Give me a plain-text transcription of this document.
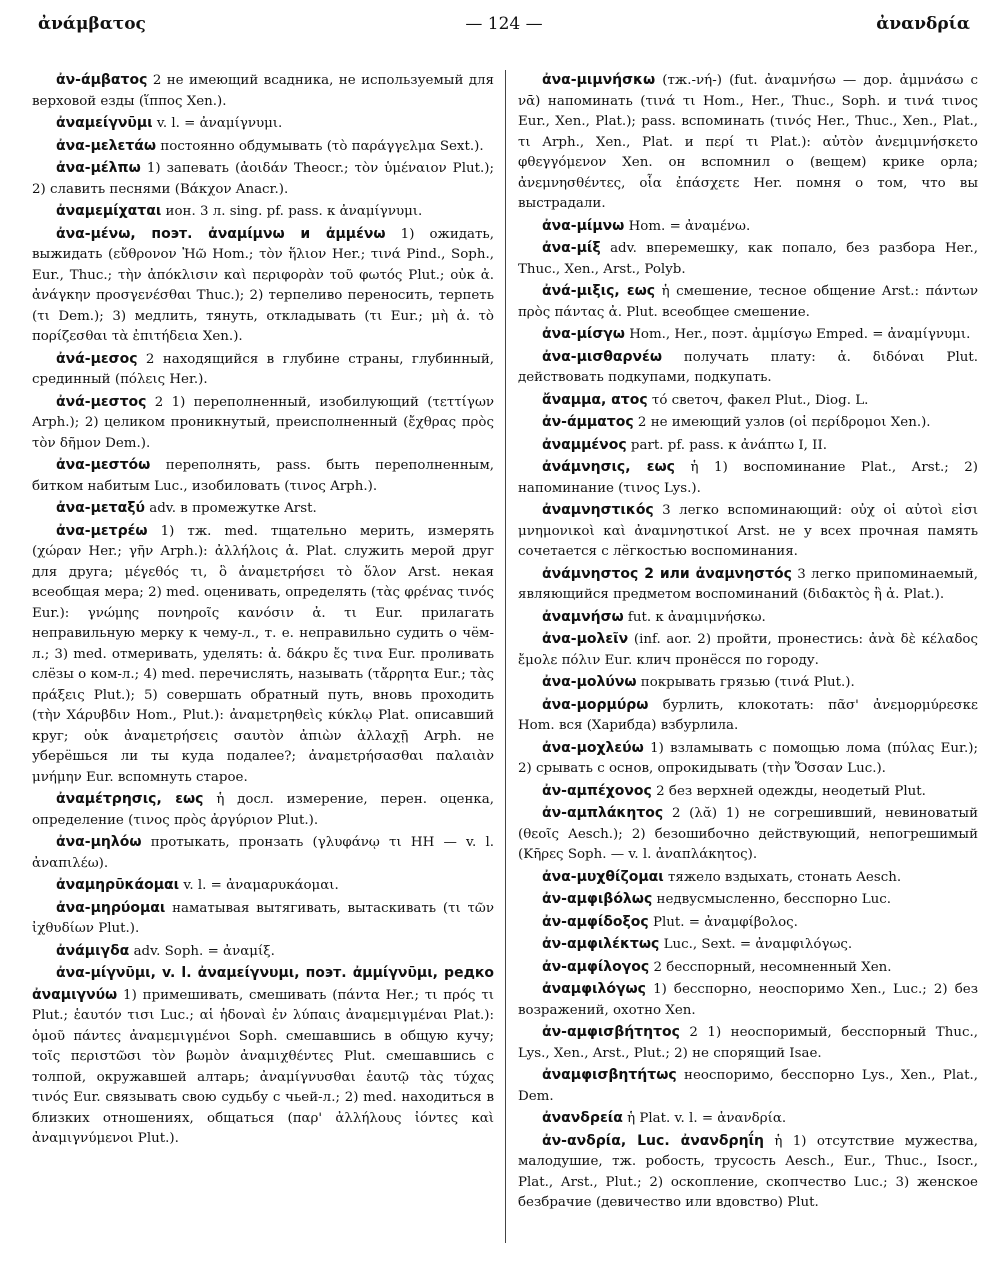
ἀνάμβατος	— 124 —	ἀνανδρία

ἀν-άμβατος 2 не имеющий всадника, не используемый для верховой езды (ἵππος Xen.).

ἀναμείγνῡμι v. l. = ἀναμίγνυμι.

ἀνα-μελετάω постоянно обдумывать (τὸ παράγγελμα Sext.).

ἀνα-μέλπω 1) запевать (ἀοιδάν Theocr.; τὸν ὑμέναιον Plut.); 2) славить песнями (Βάκχον Anacr.).

ἀναμεμίχαται ион. 3 л. sing. pf. pass. к ἀναμίγνυμι.

ἀνα-μένω, поэт. ἀναμίμνω и ἀμμένω 1) ожидать, выжидать (εὔθρονον Ἠῶ Hom.; τὸν ἥλιον Her.; τινά Pind., Soph., Eur., Thuc.; τὴν ἀπόκλισιν καὶ περιφορὰν τοῦ φωτός Plut.; οὐκ ἀ. ἀνάγκην προσγενέσθαι Thuc.); 2) терпеливо переносить, терпеть (τι Dem.); 3) медлить, тянуть, откладывать (τι Eur.; μὴ ἀ. τὸ πορίζεσθαι τὰ ἐπιτήδεια Xen.).

ἀνά-μεσος 2 находящийся в глубине страны, глубинный, срединный (πόλεις Her.).

ἀνά-μεστος 2 1) переполненный, изобилующий (τεττίγων Arph.); 2) целиком проникнутый, преисполненный (ἔχθρας πρὸς τὸν δῆμον Dem.).

ἀνα-μεστόω переполнять, pass. быть переполненным, битком набитым Luc., изобиловать (τινος Arph.).

ἀνα-μεταξύ adv. в промежутке Arst.

ἀνα-μετρέω 1) тж. med. тщательно мерить, измерять (χώραν Her.; γῆν Arph.): ἀλλήλοις ἀ. Plat. служить мерой друг для друга; μέγεθός τι, ὃ ἀναμετρήσει τὸ ὅλον Arst. некая всеобщая мера; 2) med. оценивать, определять (τὰς φρένας τινός Eur.): γνώμης πονηροῖς κανόσιν ἀ. τι Eur. прилагать неправильную мерку к чему-л., т. е. неправильно судить о чём-л.; 3) med. отмеривать, уделять: ἀ. δάκρυ ἔς τινα Eur. проливать слёзы о ком-л.; 4) med. перечислять, называть (τἄρρητα Eur.; τὰς πράξεις Plut.); 5) совершать обратный путь, вновь проходить (τὴν Χάρυβδιν Hom., Plut.): ἀναμετρηθεὶς κύκλῳ Plat. описавший круг; οὐκ ἀναμετρήσεις σαυτὸν ἀπιὼν ἀλλαχῇ Arph. не уберёшься ли ты куда подалее?; ἀναμετρήσασθαι παλαιὰν μνήμην Eur. вспомнуть старое.

ἀναμέτρησις, εως ἡ досл. измерение, перен. оценка, определение (τινος πρὸς ἀργύριον Plut.).

ἀνα-μηλόω протыкать, пронзать (γλυφάνῳ τι HH — v. l. ἀναπιλέω).

ἀναμηρῡκάομαι v. l. = ἀναμαρυκάομαι.

ἀνα-μηρύομαι наматывая вытягивать, вытаскивать (τι τῶν ἰχθυδίων Plut.).

ἀνάμιγδα adv. Soph. = ἀναμίξ.

ἀνα-μίγνῡμι, v. l. ἀναμείγνυμι, поэт. ἀμμίγνῡμι, редко ἀναμιγνύω 1) примешивать, смешивать (πάντα Her.; τι πρός τι Plut.; ἑαυτόν τισι Luc.; αἱ ἡδοναὶ ἐν λύπαις ἀναμεμιγμέναι Plat.): ὁμοῦ πάντες ἀναμεμιγμένοι Soph. смешавшись в общую кучу; τοῖς περιστῶσι τὸν βωμὸν ἀναμιχθέντες Plut. смешавшись с толпой, окружавшей алтарь; ἀναμίγνυσθαι ἑαυτῷ τὰς τύχας τινός Eur. связывать свою судьбу с чьей-л.; 2) med. находиться в близких отношениях, общаться (παρ' ἀλλήλους ἰόντες καὶ ἀναμιγνύμενοι Plut.).

ἀνα-μιμνήσκω (тж.-νή-) (fut. ἀναμνήσω — дор. ἀμμνάσω с νᾱ) напоминать (τινά τι Hom., Her., Thuc., Soph. и τινά τινος Eur., Xen., Plat.); pass. вспоминать (τινός Her., Thuc., Xen., Plat., τι Arph., Xen., Plat. и περί τι Plat.): αὐτὸν ἀνεμιμνήσκετο φθεγγόμενον Xen. он вспомнил о (вещем) крике орла; ἀνεμνησθέντες, οἷα ἐπάσχετε Her. помня о том, что вы выстрадали.

ἀνα-μίμνω Hom. = ἀναμένω.

ἀνα-μίξ adv. вперемешку, как попало, без разбора Her., Thuc., Xen., Arst., Polyb.

ἀνά-μιξις, εως ἡ смешение, тесное общение Arst.: πάντων πρὸς πάντας ἀ. Plut. всеобщее смешение.

ἀνα-μίσγω Hom., Her., поэт. ἀμμίσγω Emped. = ἀναμίγνυμι.

ἀνα-μισθαρνέω получать плату: ἀ. διδόναι Plut. действовать подкупами, подкупать.

ἄναμμα, ατος τό светоч, факел Plut., Diog. L.

ἀν-άμματος 2 не имеющий узлов (οἱ περίδρομοι Xen.).

ἀναμμένος part. pf. pass. к ἀνάπτω I, II.

ἀνάμνησις, εως ἡ 1) воспоминание Plat., Arst.; 2) напоминание (τινος Lys.).

ἀναμνηστικός 3 легко вспоминающий: οὐχ οἱ αὐτοὶ εἰσι μνημονικοὶ καὶ ἀναμνηστικοί Arst. не у всех прочная память сочетается с лёгкостью воспоминания.

ἀνάμνηστος 2 или ἀναμνηστός 3 легко припоминаемый, являющийся предметом воспоминаний (διδακτὸς ἢ ἀ. Plat.).

ἀναμνήσω fut. к ἀναμιμνήσκω.

ἀνα-μολεῖν (inf. aor. 2) пройти, пронестись: ἀνὰ δὲ κέλαδος ἔμολε πόλιν Eur. клич пронёсся по городу.

ἀνα-μολύνω покрывать грязью (τινά Plut.).

ἀνα-μορμύρω бурлить, клокотать: πᾶσ' ἀνεμορμύρεσκε Hom. вся (Харибда) взбурлила.

ἀνα-μοχλεύω 1) взламывать с помощью лома (πύλας Eur.); 2) срывать с основ, опрокидывать (τὴν Ὄσσαν Luc.).

ἀν-αμπέχονος 2 без верхней одежды, неодетый Plut.

ἀν-αμπλάκητος 2 (λᾰ) 1) не согрешивший, невиноватый (θεοῖς Aesch.); 2) безошибочно действующий, непогрешимый (Κῆρες Soph. — v. l. ἀναπλάκητος).

ἀνα-μυχθίζομαι тяжело вздыхать, стонать Aesch.

ἀν-αμφιβόλως недвусмысленно, бесспорно Luc.

ἀν-αμφίδοξος Plut. = ἀναμφίβολος.

ἀν-αμφιλέκτως Luc., Sext. = ἀναμφιλόγως.

ἀν-αμφίλογος 2 бесспорный, несомненный Xen.

ἀναμφιλόγως 1) бесспорно, неоспоримо Xen., Luc.; 2) без возражений, охотно Xen.

ἀν-αμφισβήτητος 2 1) неоспоримый, бесспорный Thuc., Lys., Xen., Arst., Plut.; 2) не спорящий Isae.

ἀναμφισβητήτως неоспоримо, бесспорно Lys., Xen., Plat., Dem.

ἀνανδρεία ἡ Plat. v. l. = ἀνανδρία.

ἀν-ανδρία, Luc. ἀνανδρηΐη ἡ 1) отсутствие мужества, малодушие, тж. робость, трусость Aesch., Eur., Thuc., Isocr., Plat., Arst., Plut.; 2) оскопление, скопчество Luc.; 3) женское безбрачие (девичество или вдовство) Plut.
